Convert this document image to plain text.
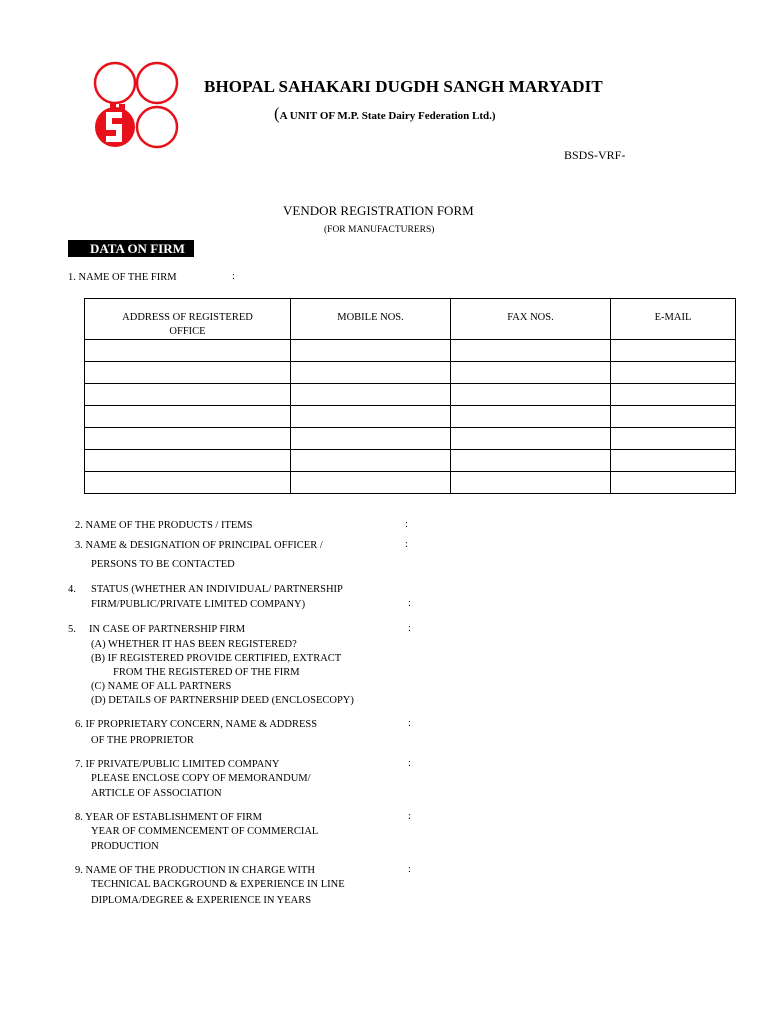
BHOPAL SAHAKARI DUGDH SANGH MARYADIT
(A UNIT OF M.P. State Dairy Federation Ltd.)
BSDS-VRF-
VENDOR REGISTRATION FORM
(FOR MANUFACTURERS)
DATA ON FIRM
1. NAME OF THE FIRM	:
ADDRESS OF REGISTERED OFFICE	MOBILE NOS.	FAX NOS.	E-MAIL

2. NAME OF THE PRODUCTS / ITEMS	:
3. NAME & DESIGNATION OF PRINCIPAL OFFICER /
PERSONS TO BE CONTACTED
:
4. STATUS (WHETHER AN INDIVIDUAL/ PARTNERSHIP
FIRM/PUBLIC/PRIVATE LIMITED COMPANY)	:
5. IN CASE OF PARTNERSHIP FIRM	:
(A) WHETHER IT HAS BEEN REGISTERED?
(B) IF REGISTERED PROVIDE CERTIFIED, EXTRACT
FROM THE REGISTERED OF THE FIRM
(C) NAME OF ALL PARTNERS
(D) DETAILS OF PARTNERSHIP DEED (ENCLOSECOPY)
6. IF PROPRIETARY CONCERN, NAME & ADDRESS
OF THE PROPRIETOR
:
7. IF PRIVATE/PUBLIC LIMITED COMPANY
PLEASE ENCLOSE COPY OF MEMORANDUM/
ARTICLE OF ASSOCIATION
:
8. YEAR OF ESTABLISHMENT OF FIRM
YEAR OF COMMENCEMENT OF COMMERCIAL
PRODUCTION
:
9. NAME OF THE PRODUCTION IN CHARGE WITH
TECHNICAL BACKGROUND & EXPERIENCE IN LINE
DIPLOMA/DEGREE & EXPERIENCE IN YEARS
:
